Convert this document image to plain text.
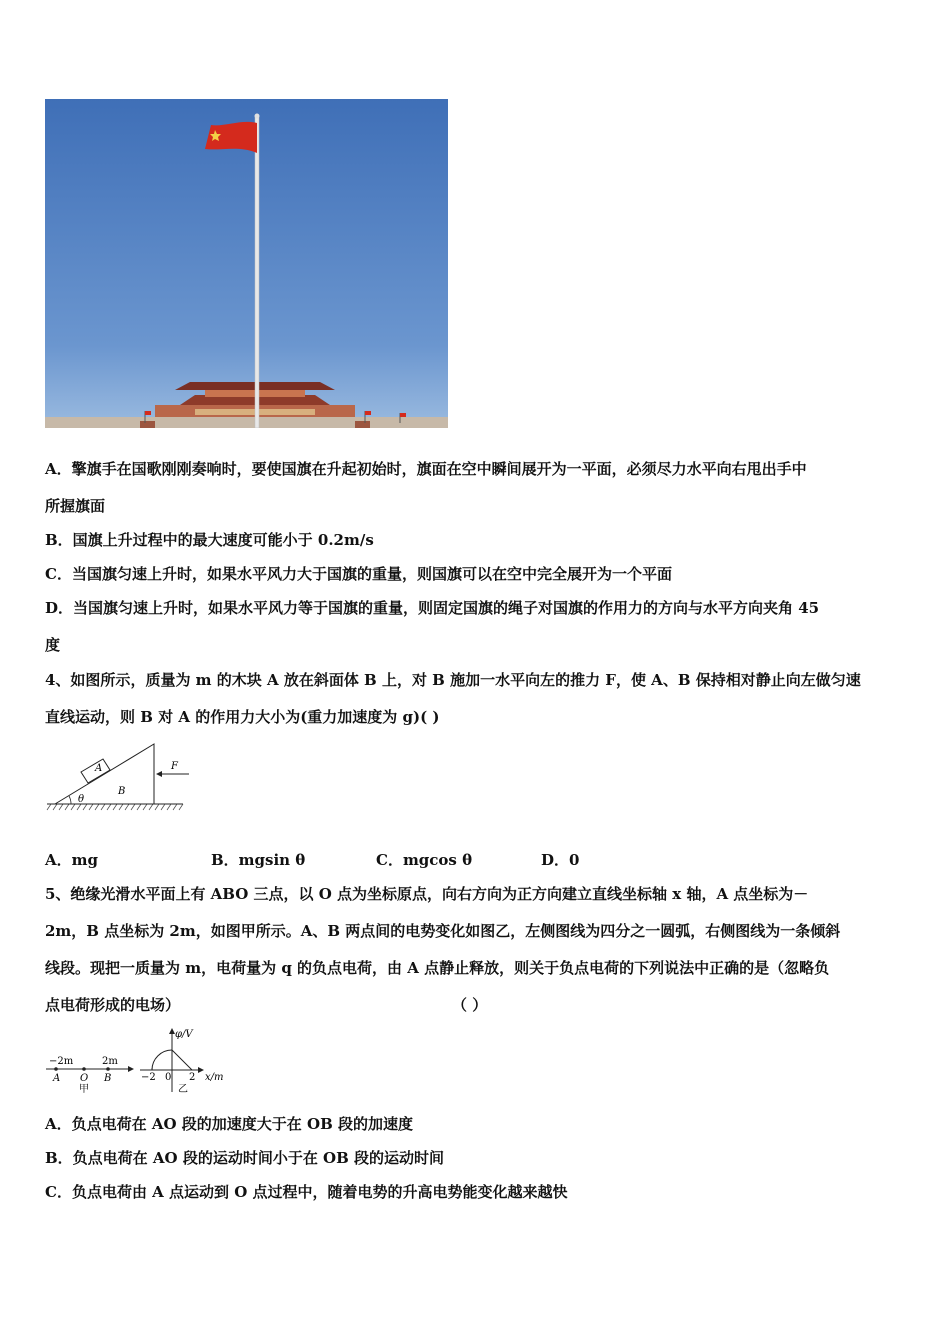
A．擎旗手在国歌刚刚奏响时，要使国旗在升起初始时，旗面在空中瞬间展开为一平面，必须尽力水平向右甩出手中
所握旗面
B．国旗上升过程中的最大速度可能小于 0.2m/s
C．当国旗匀速上升时，如果水平风力大于国旗的重量，则国旗可以在空中完全展开为一个平面
D．当国旗匀速上升时，如果水平风力等于国旗的重量，则固定国旗的绳子对国旗的作用力的方向与水平方向夹角 45
度
4、如图所示，质量为 m 的木块 A 放在斜面体 B 上，对 B 施加一水平向左的推力 F，使 A、B 保持相对静止向左做匀速
直线运动，则 B 对 A 的作用力大小为(重力加速度为 g)( )
A
B
F
θ
A．mg	B．mgsin θ	C．mgcos θ	D．0
5、绝缘光滑水平面上有 ABO 三点，以 O 点为坐标原点，向右方向为正方向建立直线坐标轴 x 轴，A 点坐标为－
2m，B 点坐标为 2m，如图甲所示。A、B 两点间的电势变化如图乙，左侧图线为四分之一圆弧，右侧图线为一条倾斜
线段。现把一质量为 m，电荷量为 q 的负点电荷，由 A 点静止释放，则关于负点电荷的下列说法中正确的是（忽略负
点电荷形成的电场）	（ ）
−2m	2m
A O B
甲
φ/V
−2 0 2 x/m
乙
A．负点电荷在 AO 段的加速度大于在 OB 段的加速度
B．负点电荷在 AO 段的运动时间小于在 OB 段的运动时间
C．负点电荷由 A 点运动到 O 点过程中，随着电势的升高电势能变化越来越快
